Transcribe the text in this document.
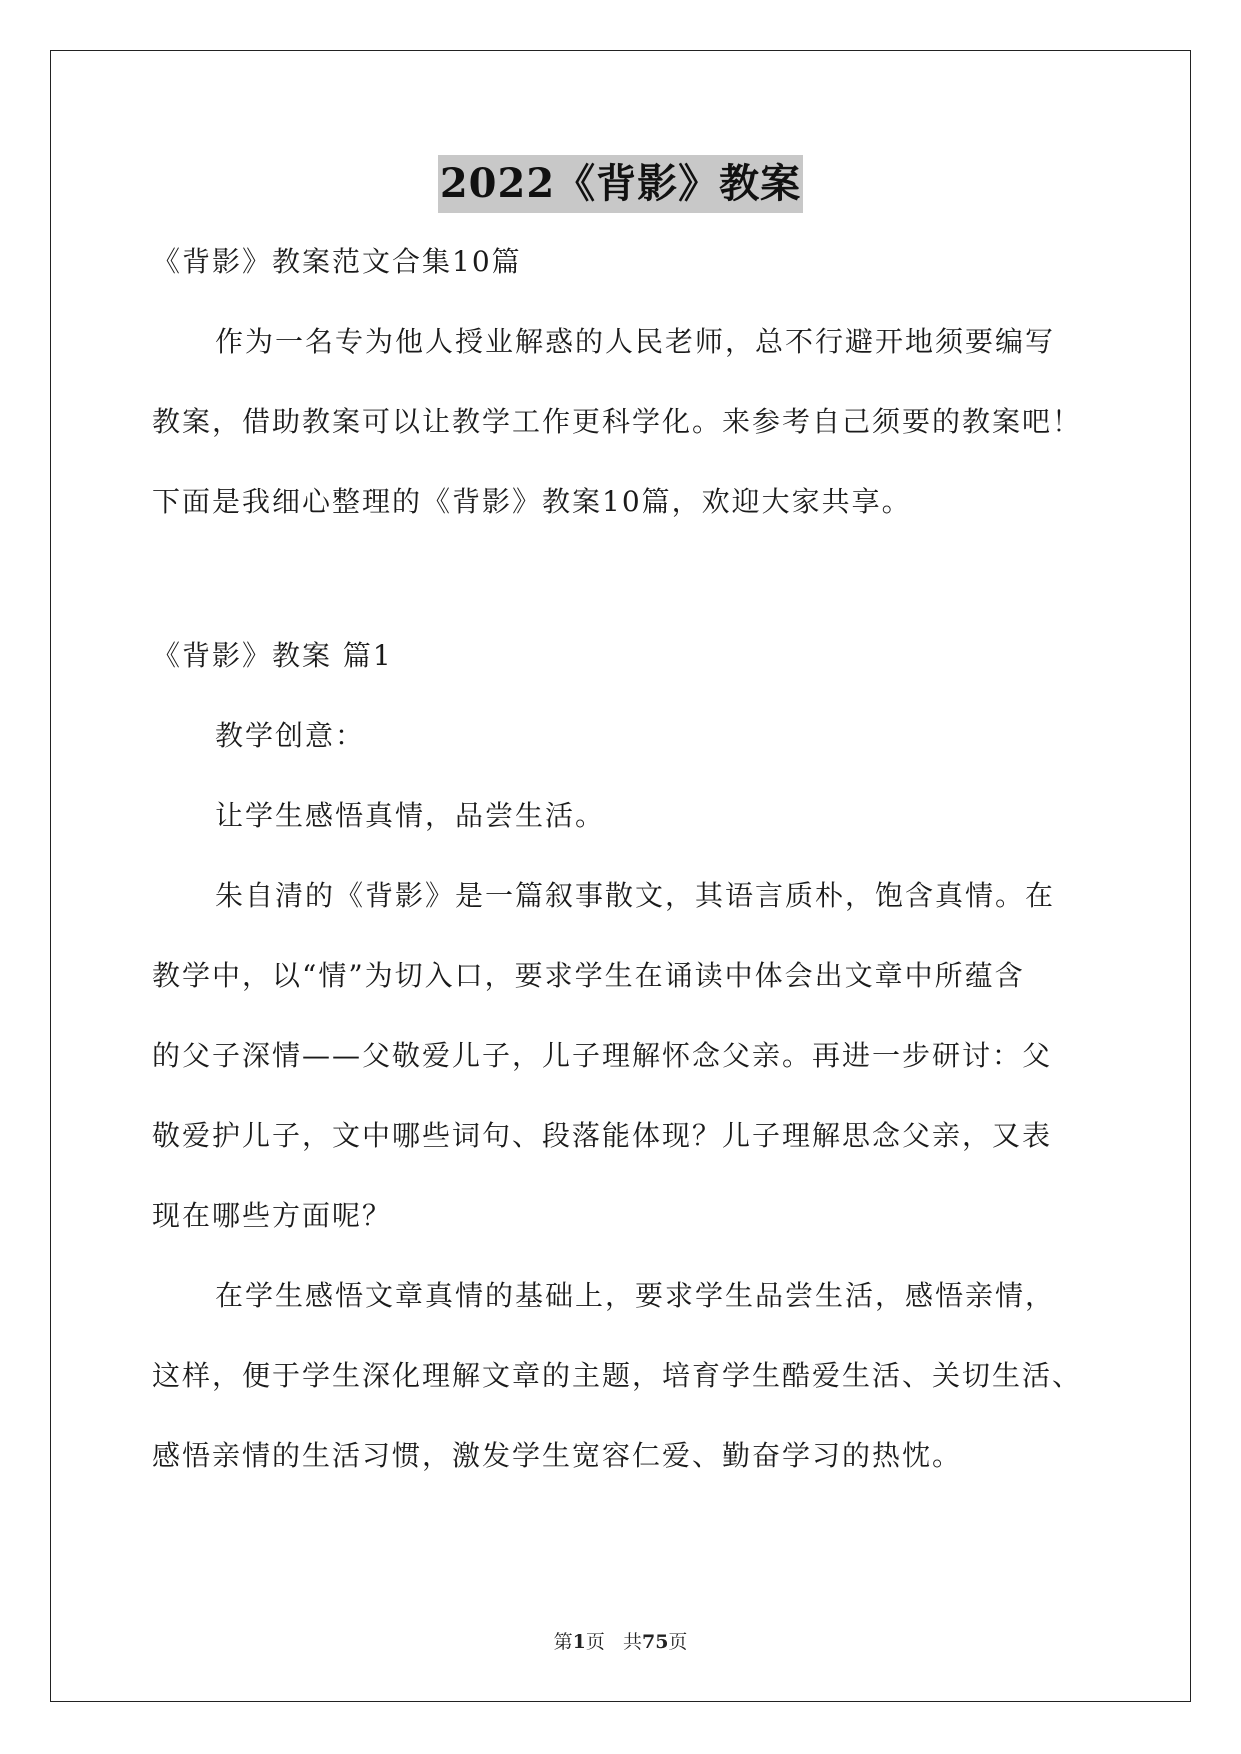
2022《背影》教案

《背影》教案范文合集10篇

作为一名专为他人授业解惑的人民老师，总不行避开地须要编写

教案，借助教案可以让教学工作更科学化。来参考自己须要的教案吧！

下面是我细心整理的《背影》教案10篇，欢迎大家共享。

《背影》教案 篇1

教学创意：

让学生感悟真情，品尝生活。

朱自清的《背影》是一篇叙事散文，其语言质朴，饱含真情。在

教学中，以“情”为切入口，要求学生在诵读中体会出文章中所蕴含

的父子深情——父敬爱儿子，儿子理解怀念父亲。再进一步研讨：父

敬爱护儿子，文中哪些词句、段落能体现？儿子理解思念父亲，又表

现在哪些方面呢？

在学生感悟文章真情的基础上，要求学生品尝生活，感悟亲情，

这样，便于学生深化理解文章的主题，培育学生酷爱生活、关切生活、

感悟亲情的生活习惯，激发学生宽容仁爱、勤奋学习的热忱。

第1页 共75页
